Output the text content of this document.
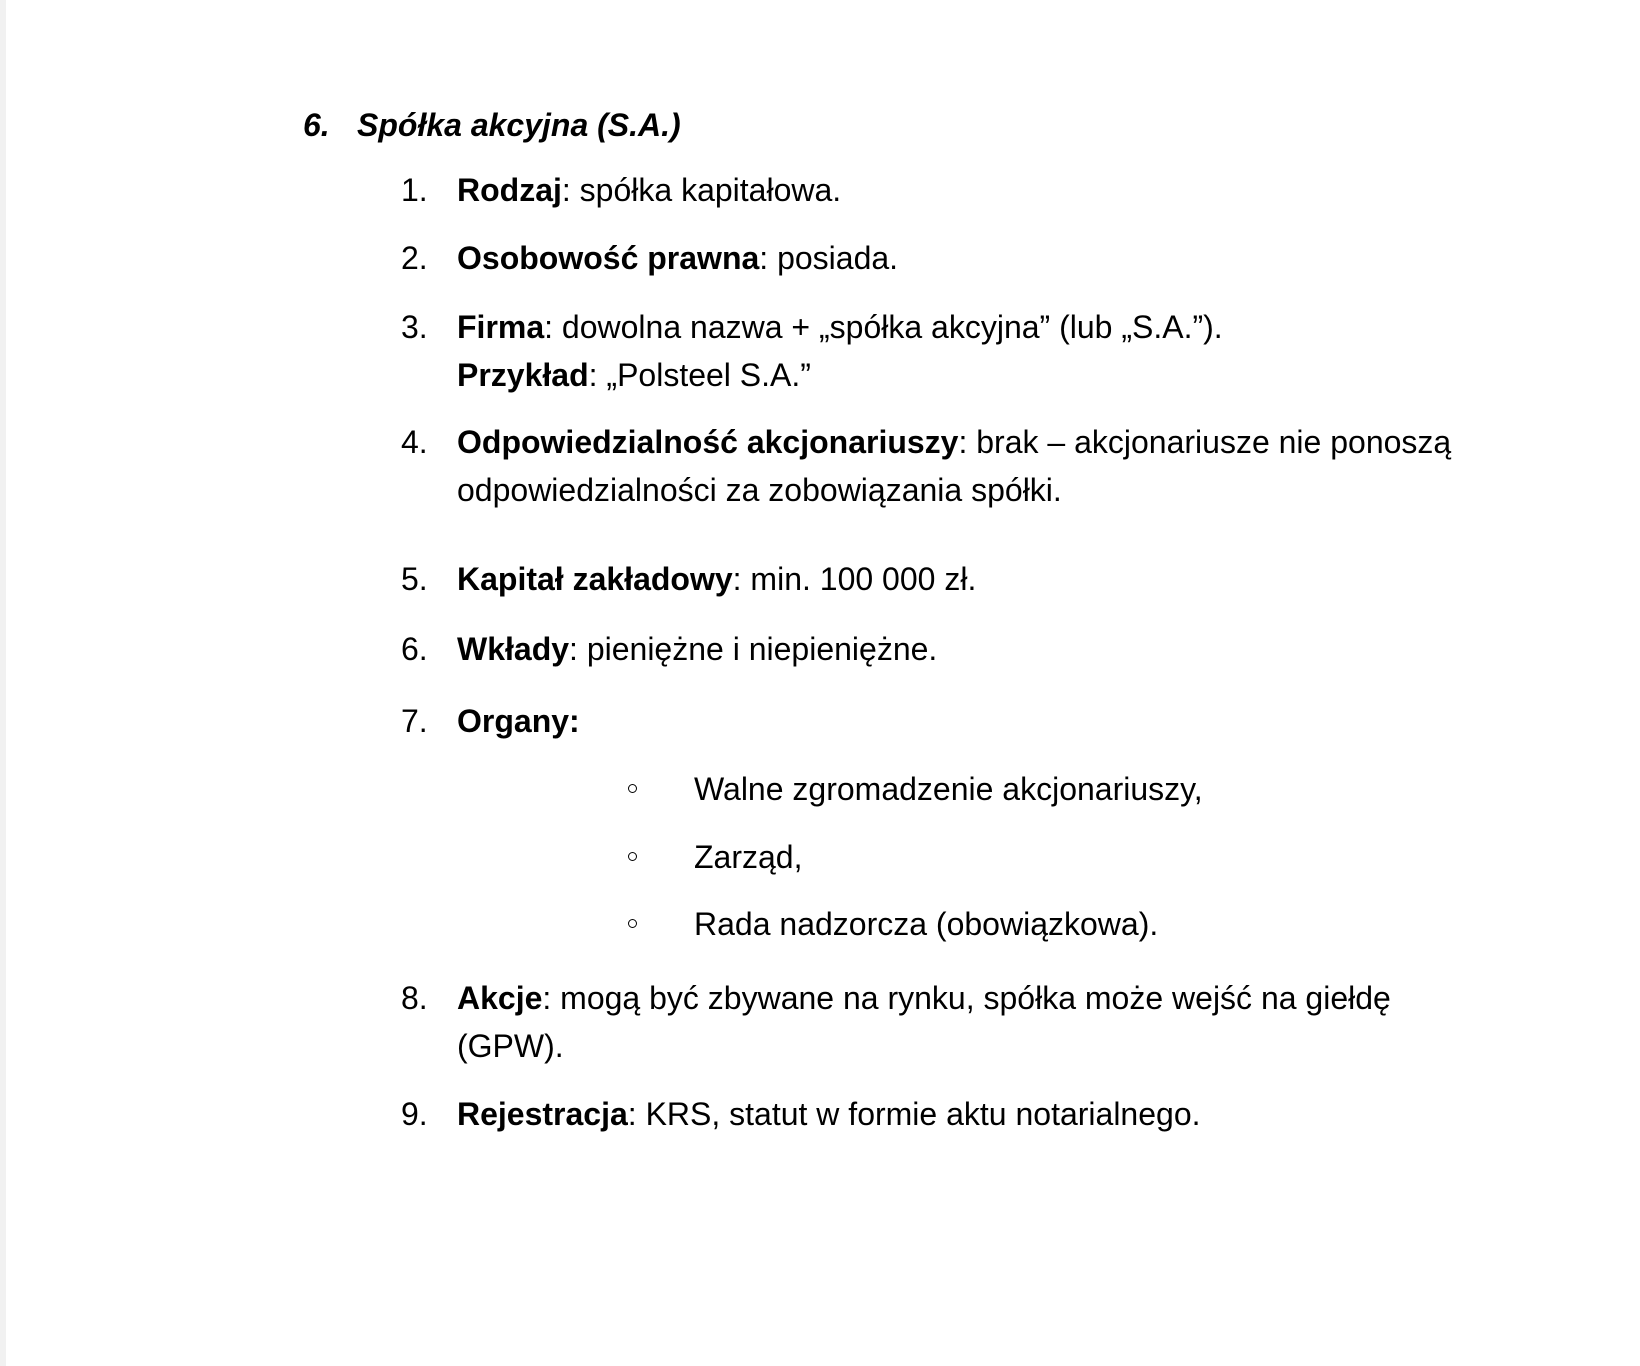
6. Spółka akcyjna (S.A.)
1. Rodzaj: spółka kapitałowa.
2. Osobowość prawna: posiada.
3. Firma: dowolna nazwa + „spółka akcyjna” (lub „S.A.”).
Przykład: „Polsteel S.A.”
4. Odpowiedzialność akcjonariuszy: brak – akcjonariusze nie ponoszą odpowiedzialności za zobowiązania spółki.
5. Kapitał zakładowy: min. 100 000 zł.
6. Wkłady: pieniężne i niepieniężne.
7. Organy:
Walne zgromadzenie akcjonariuszy,
Zarząd,
Rada nadzorcza (obowiązkowa).
8. Akcje: mogą być zbywane na rynku, spółka może wejść na giełdę (GPW).
9. Rejestracja: KRS, statut w formie aktu notarialnego.
